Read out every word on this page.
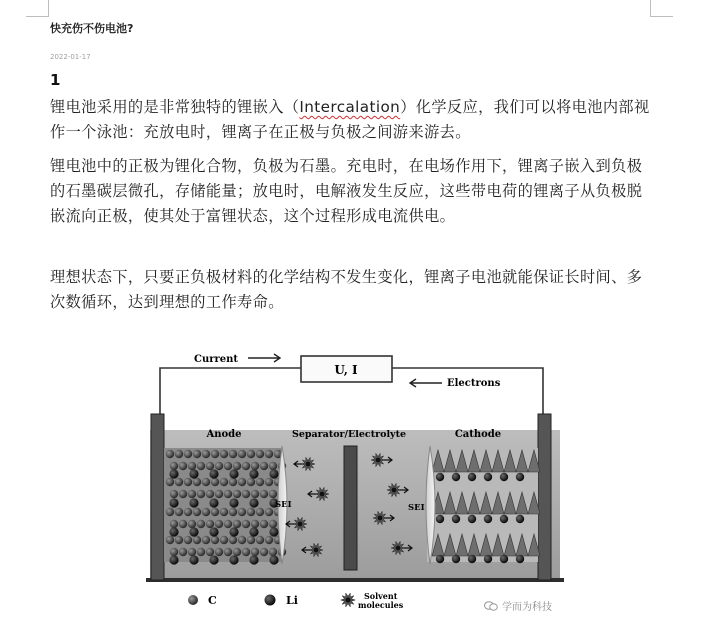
快充伤不伤电池?
2022-01-17
1
锂电池采用的是非常独特的锂嵌入（Intercalation）化学反应，我们可以将电池内部视作一个泳池：充放电时，锂离子在正极与负极之间游来游去。
锂电池中的正极为锂化合物，负极为石墨。充电时，在电场作用下，锂离子嵌入到负极的石墨碳层微孔，存储能量；放电时，电解液发生反应，这些带电荷的锂离子从负极脱嵌流向正极，使其处于富锂状态，这个过程形成电流供电。
理想状态下，只要正负极材料的化学结构不发生变化，锂离子电池就能保证长时间、多次数循环，达到理想的工作寿命。
U, I
Current
Electrons
Anode	Separator/Electrolyte	Cathode
SEI	SEI
C	Li	Solvent
molecules	学而为科技
